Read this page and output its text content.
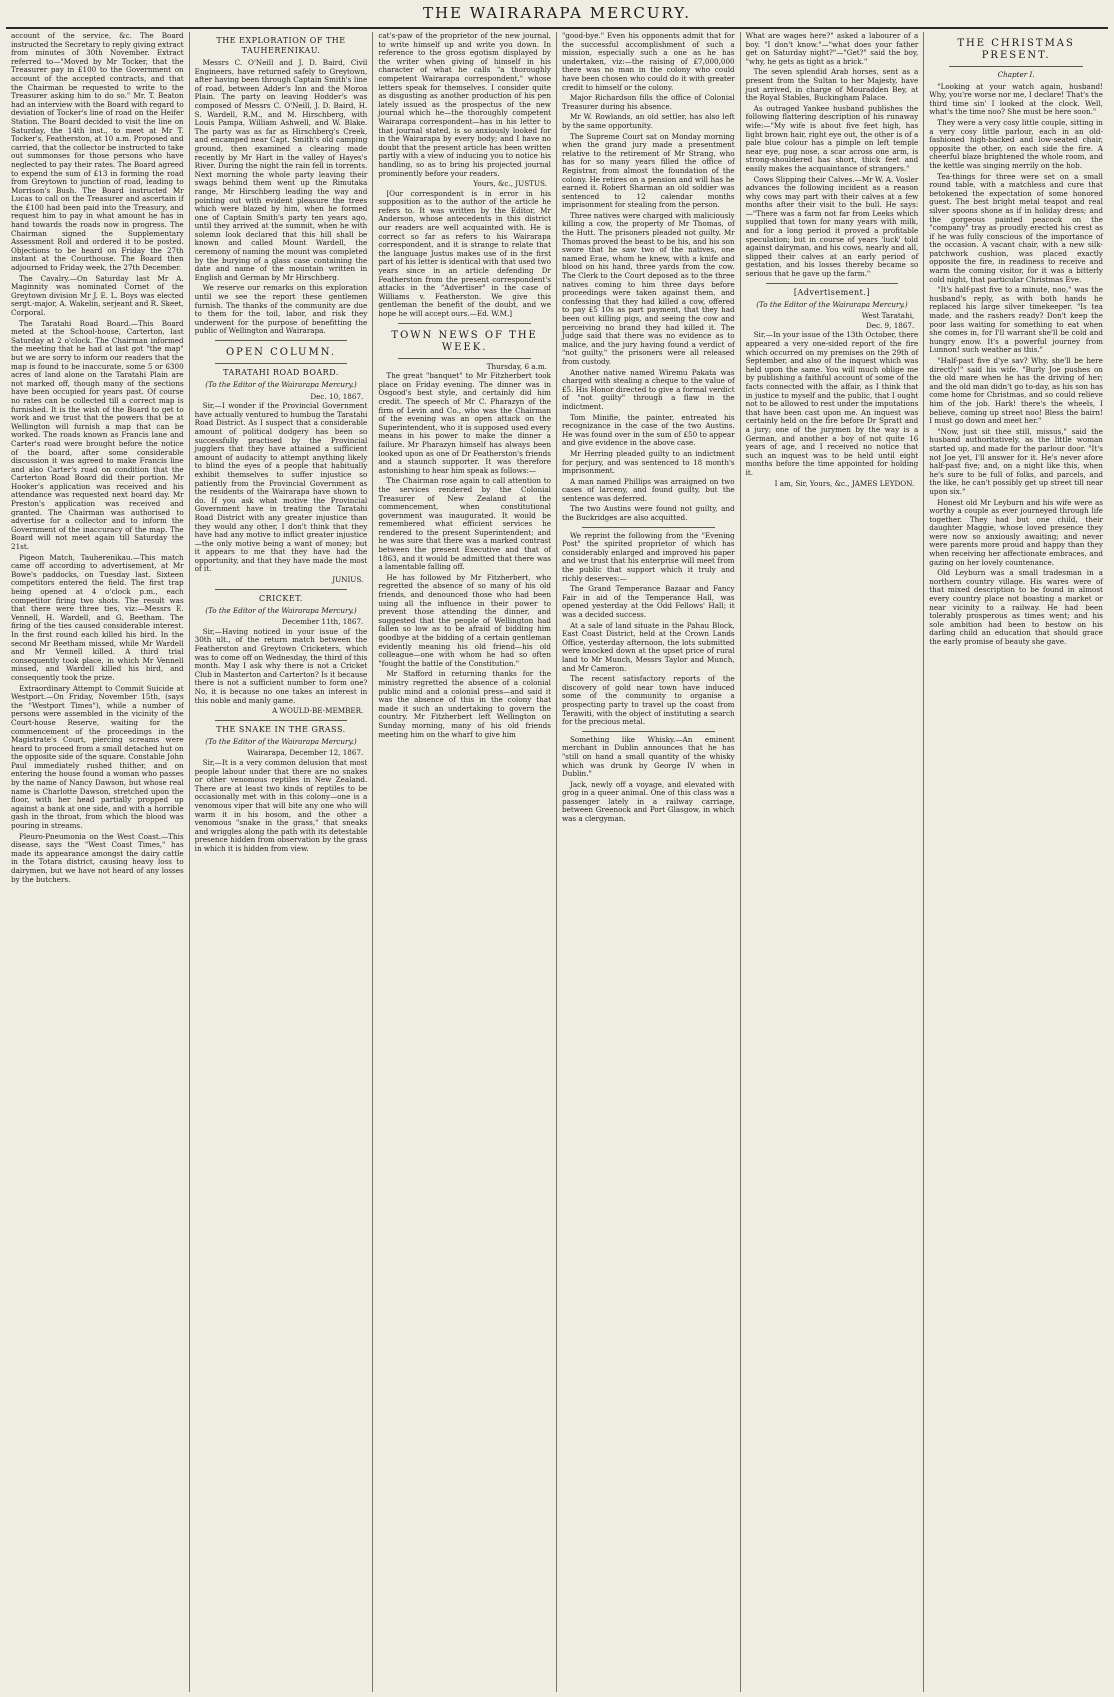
THE WAIRARAPA MERCURY.

account of the service, &c. The Board instructed the Secretary to reply giving extract from minutes of 30th November. Extract referred to—"Moved by Mr Tocker, that the Treasurer pay in £100 to the Government on account of the accepted contracts, and that the Chairman be requested to write to the Treasurer asking him to do so." Mr. T. Beaton had an interview with the Board with regard to deviation of Tocker's line of road on the Heifer Station. The Board decided to visit the line on Saturday, the 14th inst., to meet at Mr T. Tocker's, Featherston, at 10 a.m. Proposed and carried, that the collector be instructed to take out summonses for those persons who have neglected to pay their rates. The Board agreed to expend the sum of £13 in forming the road from Greytown to junction of road, leading to Morrison's Bush. The Board instructed Mr Lucas to call on the Treasurer and ascertain if the £100 had been paid into the Treasury, and request him to pay in what amount he has in hand towards the roads now in progress. The Chairman signed the Supplementary Assessment Roll and ordered it to be posted. Objections to be heard on Friday the 27th instant at the Courthouse. The Board then adjourned to Friday week, the 27th December.

The Cavalry.—On Saturday last Mr A. Maginnity was nominated Cornet of the Greytown division Mr J. E. L. Boys was elected sergt.-major, A. Wakelin, serjeant and R. Skeet, Corporal.

The Taratahi Road Board.—This Board meted at the School-house, Carterton, last Saturday at 2 o'clock. The Chairman informed the meeting that he had at last got "the map" but we are sorry to inform our readers that the map is found to be inaccurate, some 5 or 6300 acres of land alone on the Taratahi Plain are not marked off, though many of the sections have been occupied for years past. Of course no rates can be collected till a correct map is furnished. It is the wish of the Board to get to work and we trust that the powers that be at Wellington will furnish a map that can be worked. The roads known as Francis lane and Carter's road were brought before the notice of the board, after some considerable discussion it was agreed to make Francis line and also Carter's road on condition that the Carterton Road Board did their portion. Mr Hooker's application was received and his attendance was requested next board day. Mr Preston's application was received and granted. The Chairman was authorised to advertise for a collector and to inform the Government of the inaccuracy of the map. The Board will not meet again till Saturday the 21st.

Pigeon Match, Tauherenikau.—This match came off according to advertisement, at Mr Bowe's paddocks, on Tuesday last. Sixteen competitors entered the field. The first trap being opened at 4 o'clock p.m., each competitor firing two shots. The result was that there were three ties, viz:—Messrs E. Vennell, H. Wardell, and G. Beetham. The firing of the ties caused considerable interest. In the first round each killed his bird. In the second Mr Beetham missed, while Mr Wardell and Mr Vennell killed. A third trial consequently took place, in which Mr Vennell missed, and Wardell killed his bird, and consequently took the prize.

Extraordinary Attempt to Commit Suicide at Westport.—On Friday, November 15th, (says the "Westport Times"), while a number of persons were assembled in the vicinity of the Court-house Reserve, waiting for the commencement of the proceedings in the Magistrate's Court, piercing screams were heard to proceed from a small detached hut on the opposite side of the square. Constable John Paul immediately rushed thither, and on entering the house found a woman who passes by the name of Nancy Dawson, but whose real name is Charlotte Dawson, stretched upon the floor, with her head partially propped up against a bank at one side, and with a horrible gash in the throat, from which the blood was pouring in streams.

Pleuro-Pneumonia on the West Coast.—This disease, says the "West Coast Times," has made its appearance amongst the dairy cattle in the Totara district, causing heavy loss to dairymen, but we have not heard of any losses by the butchers.

THE EXPLORATION OF THE TAUHERENIKAU.

Messrs C. O'Neill and J. D. Baird, Civil Engineers, have returned safely to Greytown, after having been through Captain Smith's line of road, between Adder's Inn and the Moroa Plain. The party on leaving Hodder's was composed of Messrs C. O'Neill, J. D. Baird, H. S. Wardell, R.M., and M. Hirschberg, with Louis Pampa, William Ashwell, and W. Blake. The party was as far as Hirschberg's Creek, and encamped near Capt. Smith's old camping ground, then examined a clearing made recently by Mr Hart in the valley of Hayes's River. During the night the rain fell in torrents. Next morning the whole party leaving their swags behind them went up the Rimutaka range, Mr Hirschberg leading the way and pointing out with evident pleasure the trees which were blazed by him, when he formed one of Captain Smith's party ten years ago, until they arrived at the summit, when he with solemn look declared that this hill shall be known and called Mount Wardell, the ceremony of naming the mount was completed by the burying of a glass case containing the date and name of the mountain written in English and German by Mr Hirschberg.

We reserve our remarks on this exploration until we see the report these gentlemen furnish. The thanks of the community are due to them for the toil, labor, and risk they underwent for the purpose of benefitting the public of Wellington and Wairarapa.

OPEN COLUMN.
TARATAHI ROAD BOARD.
(To the Editor of the Wairarapa Mercury.)
Dec. 10, 1867.

Sir,—I wonder if the Provincial Government have actually ventured to humbug the Taratahi Road District. As I suspect that a considerable amount of political dodgery has been so successfully practised by the Provincial jugglers that they have attained a sufficient amount of audacity to attempt anything likely to blind the eyes of a people that habitually exhibit themselves to suffer injustice so patiently from the Provincial Government as the residents of the Wairarapa have shown to do. If you ask what motive the Provincial Government have in treating the Taratahi Road District with any greater injustice than they would any other, I don't think that they have had any motive to inflict greater injustice—the only motive being a want of money; but it appears to me that they have had the opportunity, and that they have made the most of it.

JUNIUS.
CRICKET.
(To the Editor of the Wairarapa Mercury.)
December 11th, 1867.

Sir,—Having noticed in your issue of the 30th ult., of the return match between the Featherston and Greytown Cricketers, which was to come off on Wednesday, the third of this month. May I ask why there is not a Cricket Club in Masterton and Carterton? Is it because there is not a sufficient number to form one? No, it is because no one takes an interest in this noble and manly game.

A WOULD-BE-MEMBER.
THE SNAKE IN THE GRASS.
(To the Editor of the Wairarapa Mercury.)
Wairarapa, December 12, 1867.

Sir,—It is a very common delusion that most people labour under that there are no snakes or other venomous reptiles in New Zealand. There are at least two kinds of reptiles to be occasionally met with in this colony—one is a venomous viper that will bite any one who will warm it in his bosom, and the other a venomous "snake in the grass," that sneaks and wriggles along the path with its detestable presence hidden from observation by the grass in which it is hidden from view.

cat's-paw of the proprietor of the new journal, to write himself up and write you down. In reference to the gross egotism displayed by the writer when giving of himself in his character of what he calls "a thoroughly competent Wairarapa correspondent," whose letters speak for themselves. I consider quite as disgusting as another production of his pen lately issued as the prospectus of the new journal which he—the thoroughly competent Wairarapa correspondent—has in his letter to that journal stated, is so anxiously looked for in the Wairarapa by every body; and I have no doubt that the present article has been written partly with a view of inducing you to notice his handling, so as to bring his projected journal prominently before your readers.

Yours, &c., JUSTUS.

[Our correspondent is in error in his supposition as to the author of the article he refers to. It was written by the Editor, Mr Anderson, whose antecedents in this district our readers are well acquainted with. He is correct so far as refers to his Wairarapa correspondent, and it is strange to relate that the language Justus makes use of in the first part of his letter is identical with that used two years since in an article defending Dr Featherston from the present correspondent's attacks in the "Advertiser" in the case of Williams v. Featherston. We give this gentleman the benefit of the doubt, and we hope he will accept ours.—Ed. W.M.]

TOWN NEWS OF THE WEEK.
Thursday, 6 a.m.

The great "banquet" to Mr Fitzherbert took place on Friday evening. The dinner was in Osgood's best style, and certainly did him credit. The speech of Mr C. Pharazyn of the firm of Levin and Co., who was the Chairman of the evening was an open attack on the Superintendent, who it is supposed used every means in his power to make the dinner a failure. Mr Pharazyn himself has always been looked upon as one of Dr Featherston's friends and a staunch supporter. It was therefore astonishing to hear him speak as follows:—

The Chairman rose again to call attention to the services rendered by the Colonial Treasurer of New Zealand at the commencement, when constitutional government was inaugurated. It would be remembered what efficient services he rendered to the present Superintendent; and he was sure that there was a marked contrast between the present Executive and that of 1863, and it would be admitted that there was a lamentable falling off.

He has followed by Mr Fitzherbert, who regretted the absence of so many of his old friends, and denounced those who had been using all the influence in their power to prevent those attending the dinner, and suggested that the people of Wellington had fallen so low as to be afraid of bidding him goodbye at the bidding of a certain gentleman evidently meaning his old friend—his old colleague—one with whom he had so often "fought the battle of the Constitution."

Mr Stafford in returning thanks for the ministry regretted the absence of a colonial public mind and a colonial press—and said it was the absence of this in the colony that made it such an undertaking to govern the country. Mr Fitzherbert left Wellington on Sunday morning, many of his old friends meeting him on the wharf to give him

"good-bye." Even his opponents admit that for the successful accomplishment of such a mission, especially such a one as he has undertaken, viz:—the raising of £7,000,000 there was no man in the colony who could have been chosen who could do it with greater credit to himself or the colony.

Major Richardson fills the office of Colonial Treasurer during his absence.

Mr W. Rowlands, an old settler, has also left by the same opportunity.

The Supreme Court sat on Monday morning when the grand jury made a presentment relative to the retirement of Mr Strang, who has for so many years filled the office of Registrar, from almost the foundation of the colony. He retires on a pension and will has he earned it. Robert Sharman an old soldier was sentenced to 12 calendar months imprisonment for stealing from the person.

Three natives were charged with maliciously killing a cow, the property of Mr Thomas, of the Hutt. The prisoners pleaded not guilty. Mr Thomas proved the beast to be his, and his son swore that he saw two of the natives, one named Erae, whom he knew, with a knife and blood on his hand, three yards from the cow. The Clerk to the Court deposed as to the three natives coming to him three days before proceedings were taken against them, and confessing that they had killed a cow, offered to pay £5 10s as part payment, that they had been out killing pigs, and seeing the cow and perceiving no brand they had killed it. The Judge said that there was no evidence as to malice, and the jury having found a verdict of "not guilty," the prisoners were all released from custody.

Another native named Wiremu Pakata was charged with stealing a cheque to the value of £5. His Honor directed to give a formal verdict of "not guilty" through a flaw in the indictment.

Tom Minifie, the painter, entreated his recognizance in the case of the two Austins. He was found over in the sum of £50 to appear and give evidence in the above case.

Mr Herring pleaded guilty to an indictment for perjury, and was sentenced to 18 month's imprisonment.

A man named Phillips was arraigned on two cases of larceny, and found guilty, but the sentence was deferred.

The two Austins were found not guilty, and the Buckridges are also acquitted.

We reprint the following from the "Evening Post" the spirited proprietor of which has considerably enlarged and improved his paper and we trust that his enterprise will meet from the public that support which it truly and richly deserves:—

The Grand Temperance Bazaar and Fancy Fair in aid of the Temperance Hall, was opened yesterday at the Odd Fellows' Hall; it was a decided success.

At a sale of land situate in the Pahau Block, East Coast District, held at the Crown Lands Office, yesterday afternoon, the lots submitted were knocked down at the upset price of rural land to Mr Munch, Messrs Taylor and Munch, and Mr Cameron.

The recent satisfactory reports of the discovery of gold near town have induced some of the community to organise a prospecting party to travel up the coast from Terawiti, with the object of instituting a search for the precious metal.

Something like Whisky.—An eminent merchant in Dublin announces that he has "still on hand a small quantity of the whisky which was drunk by George IV when in Dublin."

Jack, newly off a voyage, and elevated with grog in a queer animal. One of this class was a passenger lately in a railway carriage, between Greenock and Port Glasgow, in which was a clergyman.

What are wages here?" asked a labourer of a boy. "I don't know."—"what does your father get on Saturday night?"—"Get?" said the boy, "why, he gets as tight as a brick."

The seven splendid Arab horses, sent as a present from the Sultan to her Majesty, have just arrived, in charge of Mouradden Bey, at the Royal Stables, Buckingham Palace.

As outraged Yankee husband publishes the following flattering description of his runaway wife:—"My wife is about five feet high, has light brown hair, right eye out, the other is of a pale blue colour has a pimple on left temple near eye, pug nose, a scar across one arm, is strong-shouldered has short, thick feet and easily makes the acquaintance of strangers."

Cows Slipping their Calves.—Mr W. A. Vosler advances the following incident as a reason why cows may part with their calves at a few months after their visit to the bull. He says:—"There was a farm not far from Leeks which supplied that town for many years with milk, and for a long period it proved a profitable speculation; but in course of years 'luck' told against dairyman, and his cows, nearly and all, slipped their calves at an early period of gestation, and his losses thereby became so serious that he gave up the farm."

[Advertisement.]
(To the Editor of the Wairarapa Mercury.)
West Taratahi,
Dec. 9, 1867.

Sir,—In your issue of the 13th October, there appeared a very one-sided report of the fire which occurred on my premises on the 29th of September, and also of the inquest which was held upon the same. You will much oblige me by publishing a faithful account of some of the facts connected with the affair, as I think that in justice to myself and the public, that I ought not to be allowed to rest under the imputations that have been cast upon me. An inquest was certainly held on the fire before Dr Spratt and a jury; one of the jurymen by the way is a German, and another a boy of not quite 16 years of age, and I received no notice that such an inquest was to be held until eight months before the time appointed for holding it.

I am, Sir, Yours, &c., JAMES LEYDON.
THE CHRISTMAS PRESENT.
Chapter I.

"Looking at your watch again, husband! Why, you're worse nor me, I declare! That's the third time sin' I looked at the clock. Well, what's the time noo? She must be here soon."

They were a very cosy little couple, sitting in a very cosy little parlour, each in an old-fashioned high-backed and low-seated chair, opposite the other, on each side the fire. A cheerful blaze brightened the whole room, and the kettle was singing merrily on the hob.

Tea-things for three were set on a small round table, with a matchless and cure that betokened the expectation of some honored guest. The best bright metal teapot and real silver spoons shone as if in holiday dress; and the gorgeous painted peacock on the "company" tray as proudly erected his crest as if he was fully conscious of the importance of the occasion. A vacant chair, with a new silk-patchwork cushion, was placed exactly opposite the fire, in readiness to receive and warm the coming visitor, for it was a bitterly cold night, that particular Christmas Eve.

"It's half-past five to a minute, noo," was the husband's reply, as with both hands he replaced his large silver timekeeper. "Is tea made, and the rashers ready? Don't keep the poor lass waiting for something to eat when she comes in, for I'll warrant she'll be cold and hungry enow. It's a powerful journey from Lunnon! such weather as this."

"Half-past five d'ye sav? Why, she'll be here directly!" said his wife. "Burly Joe pushes on the old mare when he has the driving of her; and the old man didn't go to-day, as his son has come home for Christmas, and so could relieve him of the job. Hark! there's the wheels, I believe, coming up street noo! Bless the bairn! I must go down and meet her."

"Now, just sit thee still, missus," said the husband authoritatively, as the little woman started up, and made for the parlour door. "It's not Joe yet, I'll answer for it. He's never afore half-past five; and, on a night like this, when he's sure to be full of folks, and parcels, and the like, he can't possibly get up street till near upon six."

Honest old Mr Leyburn and his wife were as worthy a couple as ever journeyed through life together. They had but one child, their daughter Maggie, whose loved presence they were now so anxiously awaiting; and never were parents more proud and happy than they when receiving her affectionate embraces, and gazing on her lovely countenance.

Old Leyburn was a small tradesman in a northern country village. His wares were of that mixed description to be found in almost every country place not boasting a market or near vicinity to a railway. He had been tolerably prosperous as times went; and his sole ambition had been to bestow on his darling child an education that should grace the early promise of beauty she gave.
